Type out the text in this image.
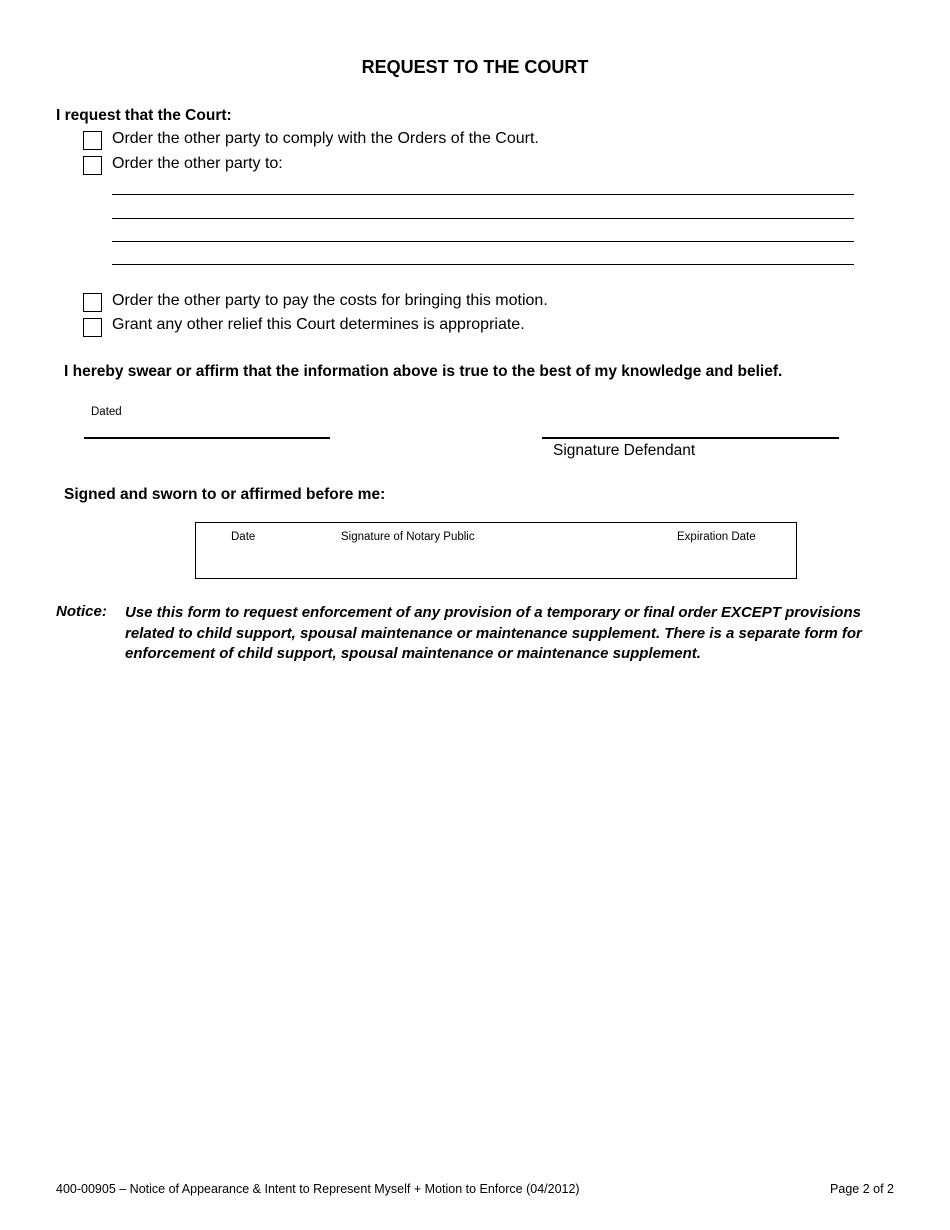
REQUEST TO THE COURT
I request that the Court:
Order the other party to comply with the Orders of the Court.
Order the other party to:
Order the other party to pay the costs for bringing this motion.
Grant any other relief this Court determines is appropriate.
I hereby swear or affirm that the information above is true to the best of my knowledge and belief.
Dated
Signature Defendant
Signed and sworn to or affirmed before me:
Date	Signature of Notary Public	Expiration Date
Notice: Use this form to request enforcement of any provision of a temporary or final order EXCEPT provisions related to child support, spousal maintenance or maintenance supplement. There is a separate form for enforcement of child support, spousal maintenance or maintenance supplement.
400-00905 – Notice of Appearance & Intent to Represent Myself + Motion to Enforce (04/2012)	Page 2 of 2
